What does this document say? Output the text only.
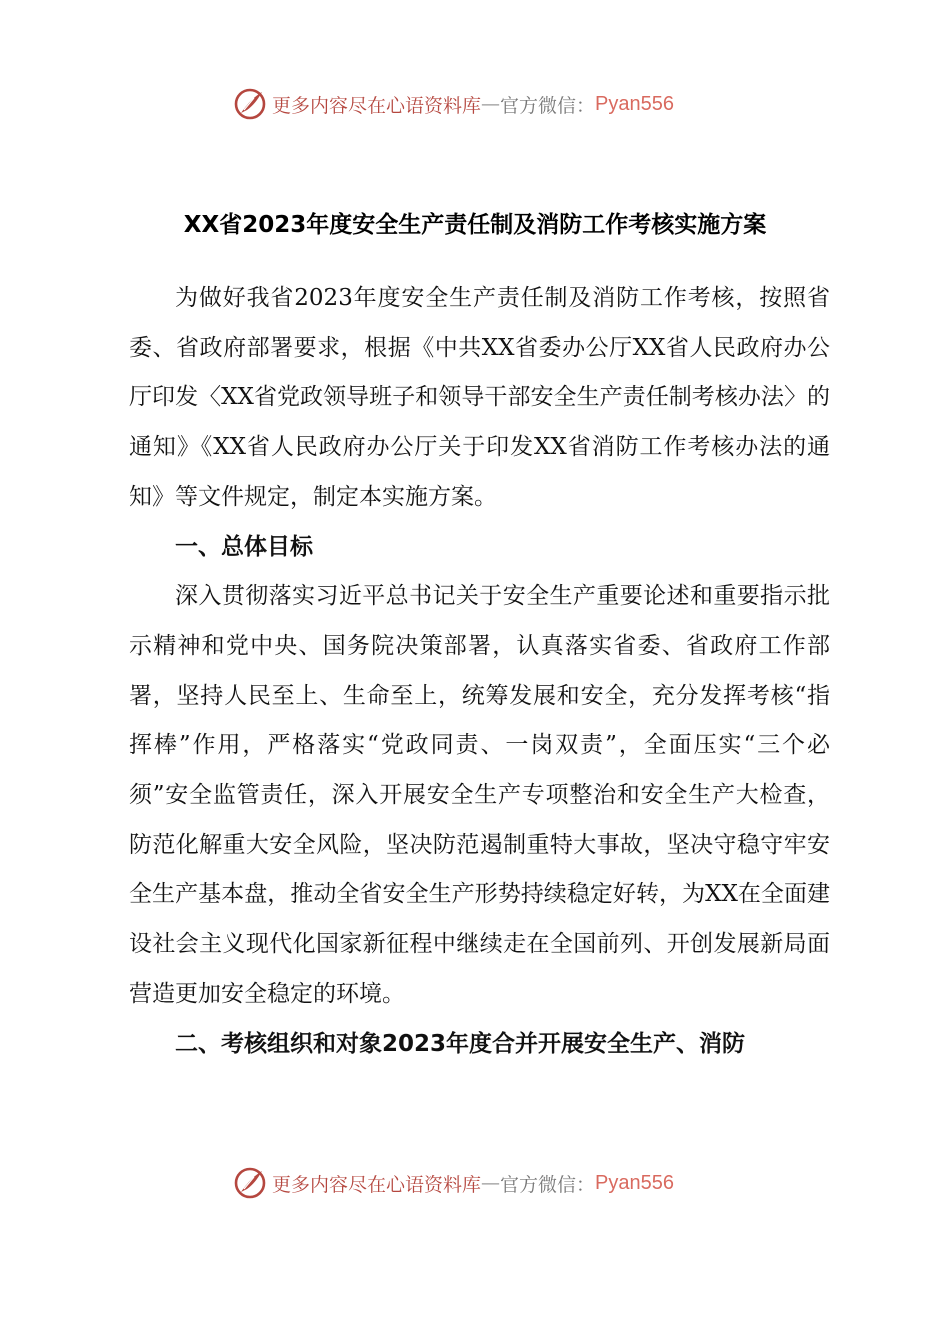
更多内容尽在心语资料库 — 官方微信： Pyan556
XX省2023年度安全生产责任制及消防工作考核实施方案

为做好我省2023年度安全生产责任制及消防工作考核，按照省委、省政府部署要求，根据《中共XX省委办公厅XX省人民政府办公厅印发〈XX省党政领导班子和领导干部安全生产责任制考核办法〉的通知》《XX省人民政府办公厅关于印发XX省消防工作考核办法的通知》等文件规定，制定本实施方案。

一、总体目标

深入贯彻落实习近平总书记关于安全生产重要论述和重要指示批示精神和党中央、国务院决策部署，认真落实省委、省政府工作部署，坚持人民至上、生命至上，统筹发展和安全，充分发挥考核“指挥棒”作用，严格落实“党政同责、一岗双责”，全面压实“三个必须”安全监管责任，深入开展安全生产专项整治和安全生产大检查，防范化解重大安全风险，坚决防范遏制重特大事故，坚决守稳守牢安全生产基本盘，推动全省安全生产形势持续稳定好转，为XX在全面建设社会主义现代化国家新征程中继续走在全国前列、开创发展新局面营造更加安全稳定的环境。

二、考核组织和对象2023年度合并开展安全生产、消防
更多内容尽在心语资料库 — 官方微信： Pyan556
